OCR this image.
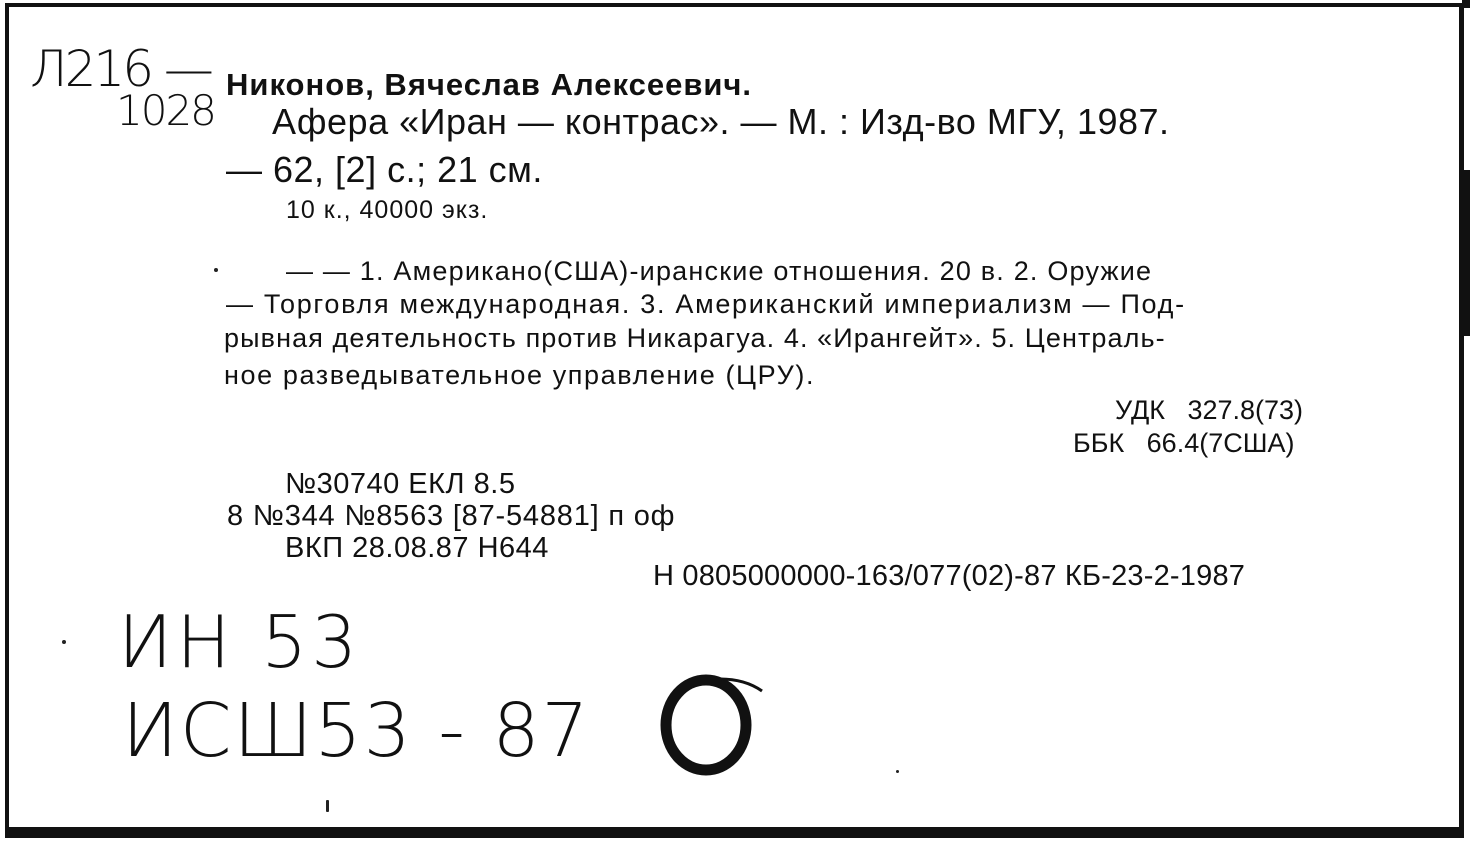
Л216 —
1028
Никонов, Вячеслав Алексеевич.
Афера «Иран — контрас». — М. : Изд-во МГУ, 1987.
— 62, [2] с.; 21 см.
10 к., 40000 экз.
— — 1. Американо(США)-иранские отношения. 20 в. 2. Оружие
— Торговля международная. 3. Американский империализм — Под-
рывная деятельность против Никарагуа. 4. «Ирангейт». 5. Централь-
ное разведывательное управление (ЦРУ).
УДК   327.8(73)
ББК   66.4(7США)
№30740 ЕКЛ 8.5
8 №344 №8563 [87-54881] п оф
ВКП 28.08.87 Н644
Н 0805000000-163/077(02)-87 КБ-23-2-1987
ИН 53
ИСШ53 - 87
